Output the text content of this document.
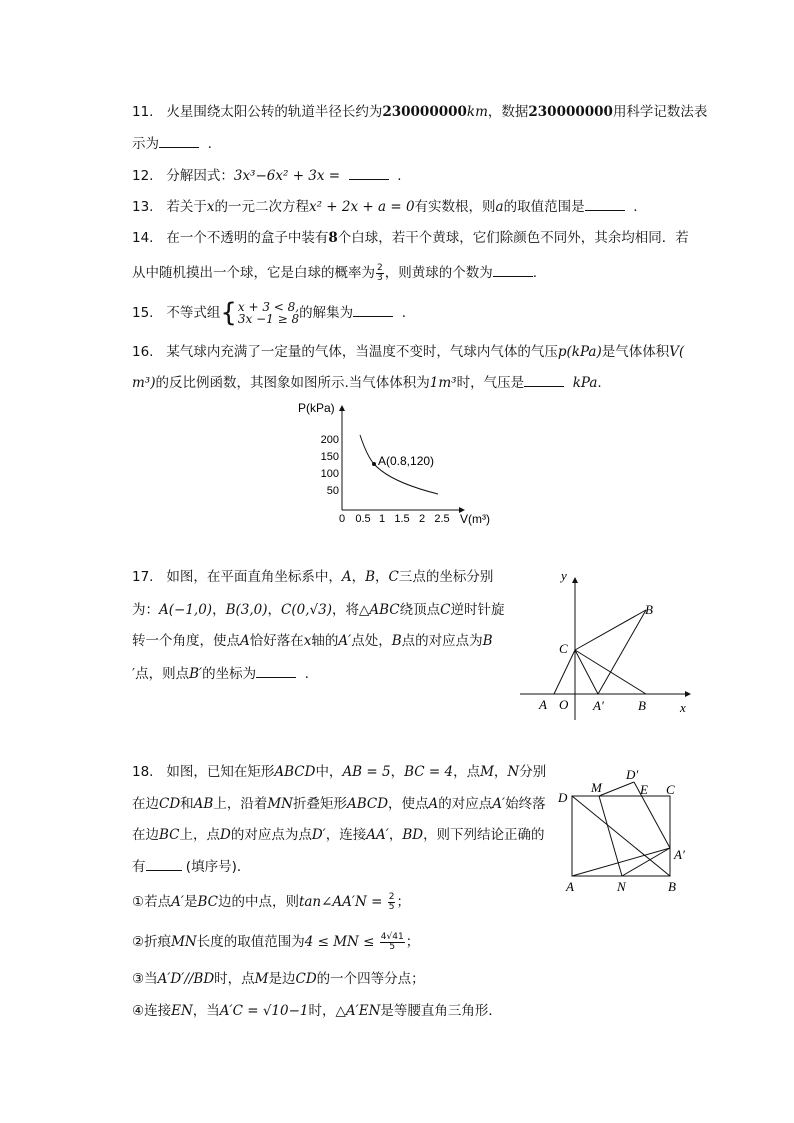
11. 火星围绕太阳公转的轨道半径长约为230000000km，数据230000000用科学记数法表
示为	.
12. 分解因式：3x³−6x² + 3x =	.
13. 若关于x的一元二次方程x² + 2x + a = 0有实数根，则a的取值范围是	.
14. 在一个不透明的盒子中装有8个白球，若干个黄球，它们除颜色不同外，其余均相同．若
从中随机摸出一个球，它是白球的概率为 $\frac{2}{3}$ ，则黄球的个数为	.
15. 不等式组{ x + 3 < 8,
3x −1 ≥ 8 的解集为	.
16. 某气球内充满了一定量的气体，当温度不变时，气球内气体的气压p(kPa)是气体体积V(
m³)的反比例函数，其图象如图所示.当气体体积为1m³时，气压是	kPa.
P(kPa)
V(m³)
200
150
100
50
0 0.5 1 1.5 2 2.5
A(0.8,120)
17. 如图，在平面直角坐标系中，A，B，C三点的坐标分别
为：A(−1,0)，B(3,0)，C(0,√3)，将△ABC绕顶点C逆时针旋
转一个角度，使点A恰好落在x轴的A′点处，B点的对应点为B
′点，则点B′的坐标为	.
y
x
A O A′	B
C
B
18. 如图，已知在矩形ABCD中，AB = 5，BC = 4，点M，N分别
在边CD和AB上，沿着MN折叠矩形ABCD，使点A的对应点A′始终落
在边BC上，点D的对应点为点D′，连接AA′，BD，则下列结论正确的
有	(填序号)．
①若点A′是BC边的中点，则tan∠AA′N = $\frac{2}{5}$ ；
②折痕MN长度的取值范围为4 ≤ MN ≤ $\frac{4√41}{5}$ ；
③当A′D′//BD时，点M是边CD的一个四等分点；
④连接EN，当A′C = √10−1时，△A′EN是等腰直角三角形．
D′
M	E C
D
A′
A	N	B
